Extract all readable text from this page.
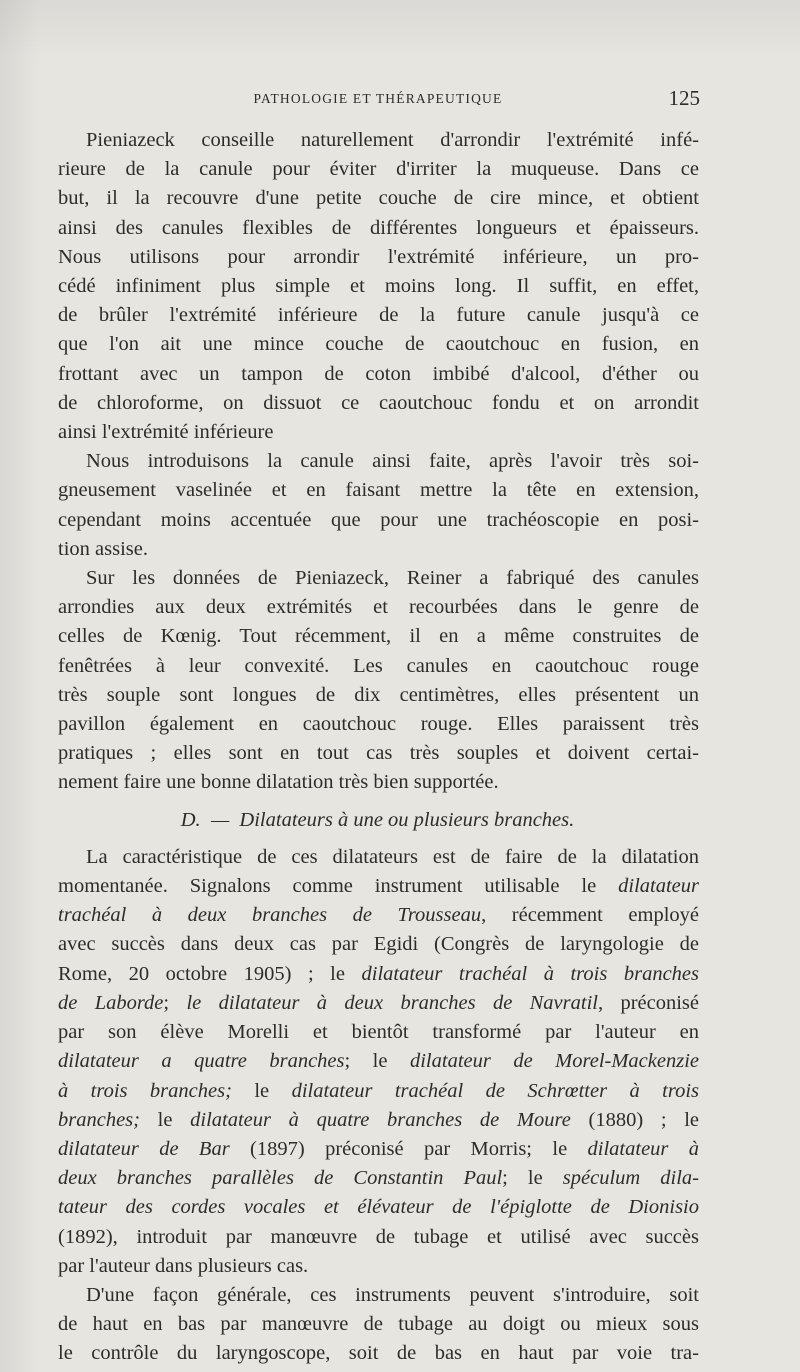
PATHOLOGIE ET THÉRAPEUTIQUE	125

Pieniazeck conseille naturellement d'arrondir l'extrémité infé-
rieure de la canule pour éviter d'irriter la muqueuse. Dans ce
but, il la recouvre d'une petite couche de cire mince, et obtient
ainsi des canules flexibles de différentes longueurs et épaisseurs.
Nous utilisons pour arrondir l'extrémité inférieure, un pro-
cédé infiniment plus simple et moins long. Il suffit, en effet,
de brûler l'extrémité inférieure de la future canule jusqu'à ce
que l'on ait une mince couche de caoutchouc en fusion, en
frottant avec un tampon de coton imbibé d'alcool, d'éther ou
de chloroforme, on dissuot ce caoutchouc fondu et on arrondit
ainsi l'extrémité inférieure

Nous introduisons la canule ainsi faite, après l'avoir très soi-
gneusement vaselinée et en faisant mettre la tête en extension,
cependant moins accentuée que pour une trachéoscopie en posi-
tion assise.

Sur les données de Pieniazeck, Reiner a fabriqué des canules
arrondies aux deux extrémités et recourbées dans le genre de
celles de Kœnig. Tout récemment, il en a même construites de
fenêtrées à leur convexité. Les canules en caoutchouc rouge
très souple sont longues de dix centimètres, elles présentent un
pavillon également en caoutchouc rouge. Elles paraissent très
pratiques ; elles sont en tout cas très souples et doivent certai-
nement faire une bonne dilatation très bien supportée.

D. — Dilatateurs à une ou plusieurs branches.

La caractéristique de ces dilatateurs est de faire de la dilatation
momentanée. Signalons comme instrument utilisable le dilatateur
trachéal à deux branches de Trousseau, récemment employé
avec succès dans deux cas par Egidi (Congrès de laryngologie de
Rome, 20 octobre 1905) ; le dilatateur trachéal à trois branches
de Laborde; le dilatateur à deux branches de Navratil, préconisé
par son élève Morelli et bientôt transformé par l'auteur en
dilatateur a quatre branches; le dilatateur de Morel-Mackenzie
à trois branches; le dilatateur trachéal de Schrœtter à trois
branches; le dilatateur à quatre branches de Moure (1880) ; le
dilatateur de Bar (1897) préconisé par Morris; le dilatateur à
deux branches parallèles de Constantin Paul; le spéculum dila-
tateur des cordes vocales et élévateur de l'épiglotte de Dionisio
(1892), introduit par manœuvre de tubage et utilisé avec succès
par l'auteur dans plusieurs cas.

D'une façon générale, ces instruments peuvent s'introduire, soit
de haut en bas par manœuvre de tubage au doigt ou mieux sous
le contrôle du laryngoscope, soit de bas en haut par voie tra-
